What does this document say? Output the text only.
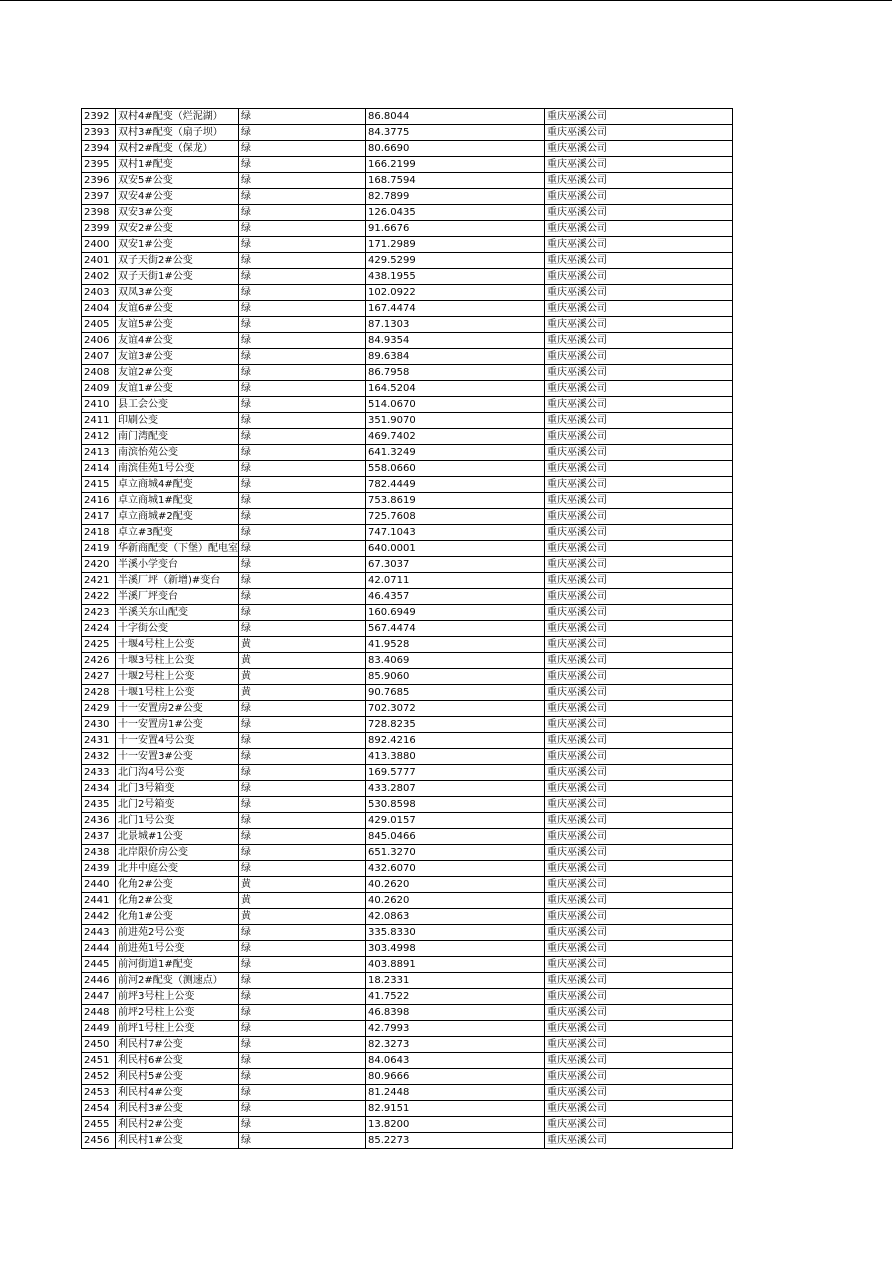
2392	双村4#配变（烂泥湖）	绿	86.8044	重庆巫溪公司
2393	双村3#配变（扇子坝）	绿	84.3775	重庆巫溪公司
2394	双村2#配变（保龙）	绿	80.6690	重庆巫溪公司
2395	双村1#配变	绿	166.2199	重庆巫溪公司
2396	双安5#公变	绿	168.7594	重庆巫溪公司
2397	双安4#公变	绿	82.7899	重庆巫溪公司
2398	双安3#公变	绿	126.0435	重庆巫溪公司
2399	双安2#公变	绿	91.6676	重庆巫溪公司
2400	双安1#公变	绿	171.2989	重庆巫溪公司
2401	双子天街2#公变	绿	429.5299	重庆巫溪公司
2402	双子天街1#公变	绿	438.1955	重庆巫溪公司
2403	双凤3#公变	绿	102.0922	重庆巫溪公司
2404	友谊6#公变	绿	167.4474	重庆巫溪公司
2405	友谊5#公变	绿	87.1303	重庆巫溪公司
2406	友谊4#公变	绿	84.9354	重庆巫溪公司
2407	友谊3#公变	绿	89.6384	重庆巫溪公司
2408	友谊2#公变	绿	86.7958	重庆巫溪公司
2409	友谊1#公变	绿	164.5204	重庆巫溪公司
2410	县工会公变	绿	514.0670	重庆巫溪公司
2411	印刷公变	绿	351.9070	重庆巫溪公司
2412	南门湾配变	绿	469.7402	重庆巫溪公司
2413	南滨怡苑公变	绿	641.3249	重庆巫溪公司
2414	南滨佳苑1号公变	绿	558.0660	重庆巫溪公司
2415	卓立商城4#配变	绿	782.4449	重庆巫溪公司
2416	卓立商城1#配变	绿	753.8619	重庆巫溪公司
2417	卓立商城#2配变	绿	725.7608	重庆巫溪公司
2418	卓立#3配变	绿	747.1043	重庆巫溪公司
2419	华新商配变（下堡）配电室	绿	640.0001	重庆巫溪公司
2420	半溪小学变台	绿	67.3037	重庆巫溪公司
2421	半溪厂坪（新增)#变台	绿	42.0711	重庆巫溪公司
2422	半溪厂坪变台	绿	46.4357	重庆巫溪公司
2423	半溪关东山配变	绿	160.6949	重庆巫溪公司
2424	十字街公变	绿	567.4474	重庆巫溪公司
2425	十堰4号柱上公变	黄	41.9528	重庆巫溪公司
2426	十堰3号柱上公变	黄	83.4069	重庆巫溪公司
2427	十堰2号柱上公变	黄	85.9060	重庆巫溪公司
2428	十堰1号柱上公变	黄	90.7685	重庆巫溪公司
2429	十一安置房2#公变	绿	702.3072	重庆巫溪公司
2430	十一安置房1#公变	绿	728.8235	重庆巫溪公司
2431	十一安置4号公变	绿	892.4216	重庆巫溪公司
2432	十一安置3#公变	绿	413.3880	重庆巫溪公司
2433	北门沟4号公变	绿	169.5777	重庆巫溪公司
2434	北门3号箱变	绿	433.2807	重庆巫溪公司
2435	北门2号箱变	绿	530.8598	重庆巫溪公司
2436	北门1号公变	绿	429.0157	重庆巫溪公司
2437	北景城#1公变	绿	845.0466	重庆巫溪公司
2438	北岸限价房公变	绿	651.3270	重庆巫溪公司
2439	北井中庭公变	绿	432.6070	重庆巫溪公司
2440	化角2#公变	黄	40.2620	重庆巫溪公司
2441	化角2#公变	黄	40.2620	重庆巫溪公司
2442	化角1#公变	黄	42.0863	重庆巫溪公司
2443	前进苑2号公变	绿	335.8330	重庆巫溪公司
2444	前进苑1号公变	绿	303.4998	重庆巫溪公司
2445	前河街道1#配变	绿	403.8891	重庆巫溪公司
2446	前河2#配变（测速点）	绿	18.2331	重庆巫溪公司
2447	前坪3号柱上公变	绿	41.7522	重庆巫溪公司
2448	前坪2号柱上公变	绿	46.8398	重庆巫溪公司
2449	前坪1号柱上公变	绿	42.7993	重庆巫溪公司
2450	利民村7#公变	绿	82.3273	重庆巫溪公司
2451	利民村6#公变	绿	84.0643	重庆巫溪公司
2452	利民村5#公变	绿	80.9666	重庆巫溪公司
2453	利民村4#公变	绿	81.2448	重庆巫溪公司
2454	利民村3#公变	绿	82.9151	重庆巫溪公司
2455	利民村2#公变	绿	13.8200	重庆巫溪公司
2456	利民村1#公变	绿	85.2273	重庆巫溪公司
